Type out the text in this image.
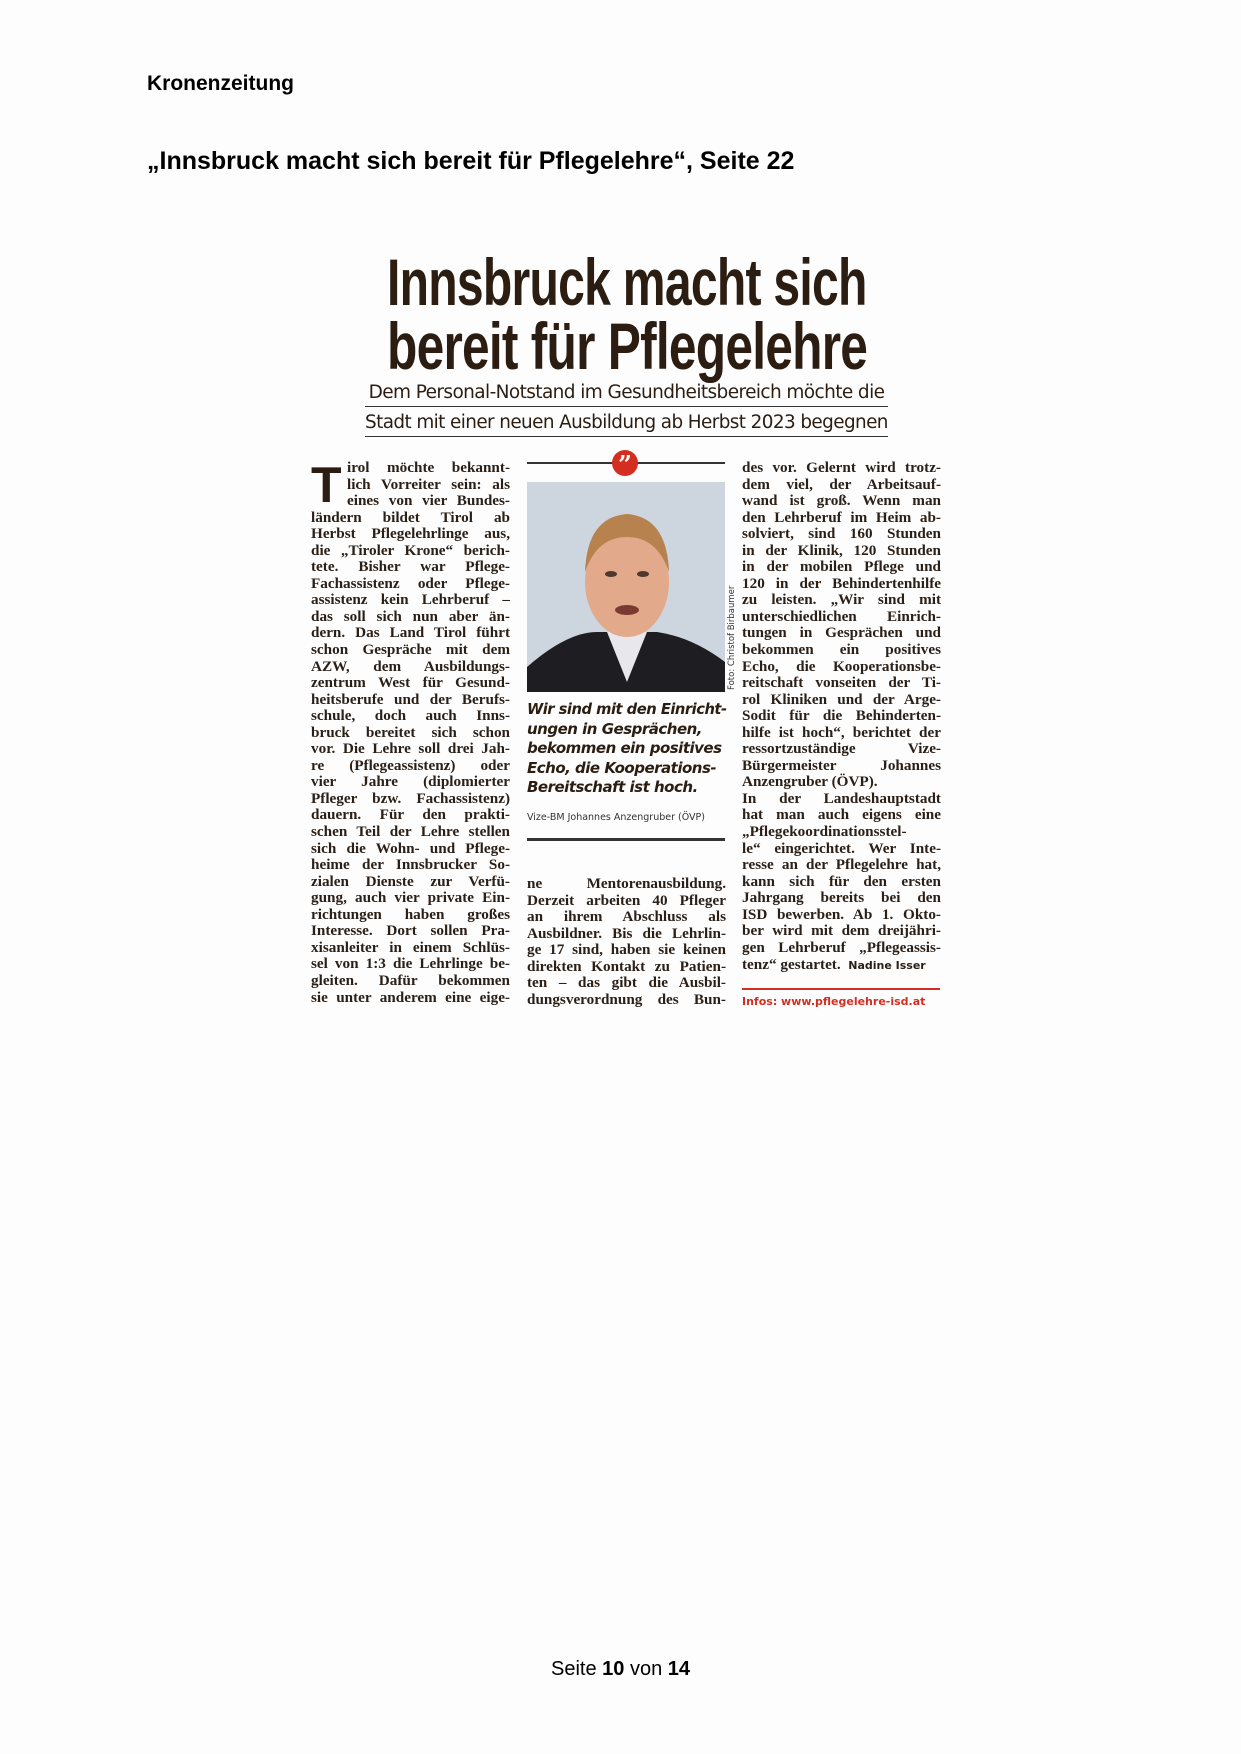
Kronenzeitung
„Innsbruck macht sich bereit für Pflegelehre“, Seite 22
Innsbruck macht sich
bereit für Pflegelehre
Dem Personal-Notstand im Gesundheitsbereich möchte die
Stadt mit einer neuen Ausbildung ab Herbst 2023 begegnen
T irol möchte bekannt-
lich Vorreiter sein: als
eines von vier Bundes-
ländern bildet Tirol ab
Herbst Pflegelehrlinge aus,
die „Tiroler Krone“ berich-
tete. Bisher war Pflege-
Fachassistenz oder Pflege-
assistenz kein Lehrberuf –
das soll sich nun aber än-
dern. Das Land Tirol führt
schon Gespräche mit dem
AZW, dem Ausbildungs-
zentrum West für Gesund-
heitsberufe und der Berufs-
schule, doch auch Inns-
bruck bereitet sich schon
vor. Die Lehre soll drei Jah-
re (Pflegeassistenz) oder
vier Jahre (diplomierter
Pfleger bzw. Fachassistenz)
dauern. Für den prakti-
schen Teil der Lehre stellen
sich die Wohn- und Pflege-
heime der Innsbrucker So-
zialen Dienste zur Verfü-
gung, auch vier private Ein-
richtungen haben großes
Interesse. Dort sollen Pra-
xisanleiter in einem Schlüs-
sel von 1:3 die Lehrlinge be-
gleiten. Dafür bekommen
sie unter anderem eine eige-
”
Foto: Christof Birbaumer
Wir sind mit den Einricht-
ungen in Gesprächen,
bekommen ein positives
Echo, die Kooperations-
Bereitschaft ist hoch.
Vize-BM Johannes Anzengruber (ÖVP)
ne Mentorenausbildung.
Derzeit arbeiten 40 Pfleger
an ihrem Abschluss als
Ausbildner. Bis die Lehrlin-
ge 17 sind, haben sie keinen
direkten Kontakt zu Patien-
ten – das gibt die Ausbil-
dungsverordnung des Bun-
des vor. Gelernt wird trotz-
dem viel, der Arbeitsauf-
wand ist groß. Wenn man
den Lehrberuf im Heim ab-
solviert, sind 160 Stunden
in der Klinik, 120 Stunden
in der mobilen Pflege und
120 in der Behindertenhilfe
zu leisten. „Wir sind mit
unterschiedlichen Einrich-
tungen in Gesprächen und
bekommen ein positives
Echo, die Kooperationsbe-
reitschaft vonseiten der Ti-
rol Kliniken und der Arge-
Sodit für die Behinderten-
hilfe ist hoch“, berichtet der
ressortzuständige Vize-
Bürgermeister Johannes
Anzengruber (ÖVP).
In der Landeshauptstadt
hat man auch eigens eine
„Pflegekoordinationsstel-
le“ eingerichtet. Wer Inte-
resse an der Pflegelehre hat,
kann sich für den ersten
Jahrgang bereits bei den
ISD bewerben. Ab 1. Okto-
ber wird mit dem dreijähri-
gen Lehrberuf „Pflegeassis-
tenz“ gestartet. Nadine Isser
Infos: www.pflegelehre-isd.at
Seite 10 von 14
